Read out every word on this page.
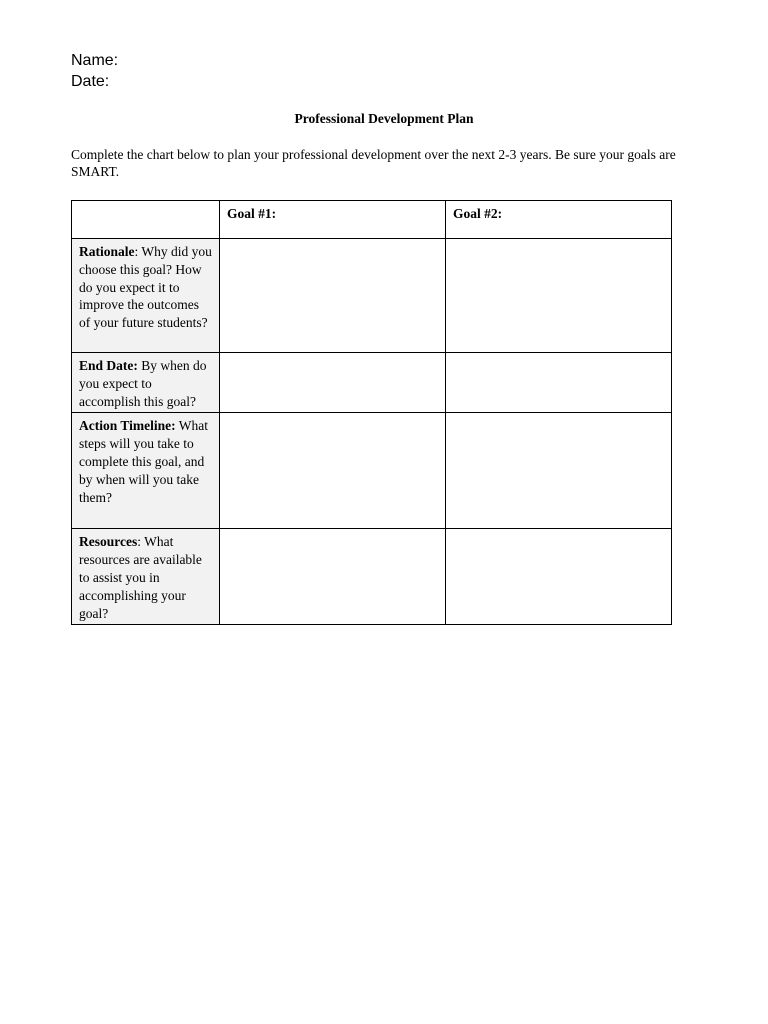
Name:
Date:
Professional Development Plan
Complete the chart below to plan your professional development over the next 2-3 years. Be sure your goals are SMART.
	Goal #1:	Goal #2:
Rationale: Why did you choose this goal? How do you expect it to improve the outcomes of your future students?		
End Date: By when do you expect to accomplish this goal?		
Action Timeline: What steps will you take to complete this goal, and by when will you take them?		
Resources: What resources are available to assist you in accomplishing your goal?		
